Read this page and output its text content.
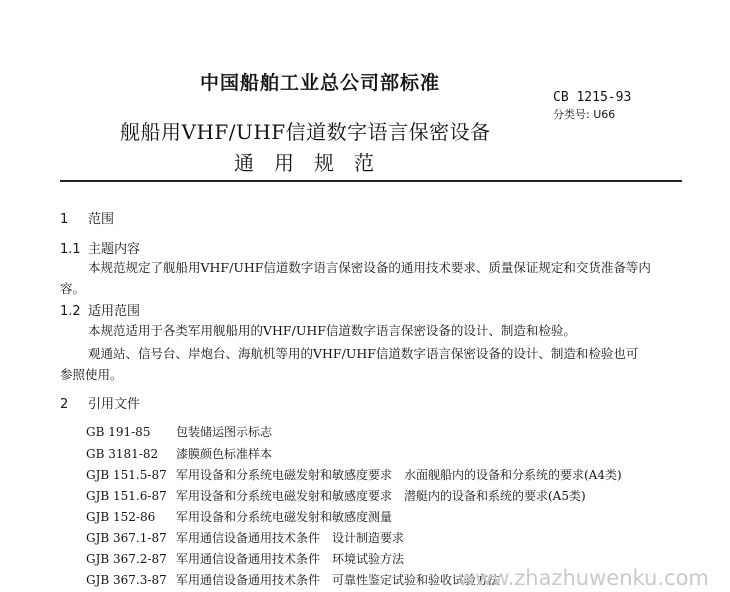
中国船舶工业总公司部标准
CB 1215-93
分类号: U66
舰船用VHF/UHF信道数字语言保密设备
通用规范
1 范围
1.1 主题内容
本规范规定了舰船用VHF/UHF信道数字语言保密设备的通用技术要求、质量保证规定和交货准备等内
容。
1.2 适用范围
本规范适用于各类军用舰船用的VHF/UHF信道数字语言保密设备的设计、制造和检验。
观通站、信号台、岸炮台、海航机等用的VHF/UHF信道数字语言保密设备的设计、制造和检验也可
参照使用。
2 引用文件
GB 191-85 包装储运图示标志
GB 3181-82 漆膜颜色标准样本
GJB 151.5-87 军用设备和分系统电磁发射和敏感度要求　水面舰船内的设备和分系统的要求(A4类)
GJB 151.6-87 军用设备和分系统电磁发射和敏感度要求　潜艇内的设备和系统的要求(A5类)
GJB 152-86 军用设备和分系统电磁发射和敏感度测量
GJB 367.1-87 军用通信设备通用技术条件　设计制造要求
GJB 367.2-87 军用通信设备通用技术条件　环境试验方法
GJB 367.3-87 军用通信设备通用技术条件　可靠性鉴定试验和验收试验方法
www.zhazhuwenku.com
